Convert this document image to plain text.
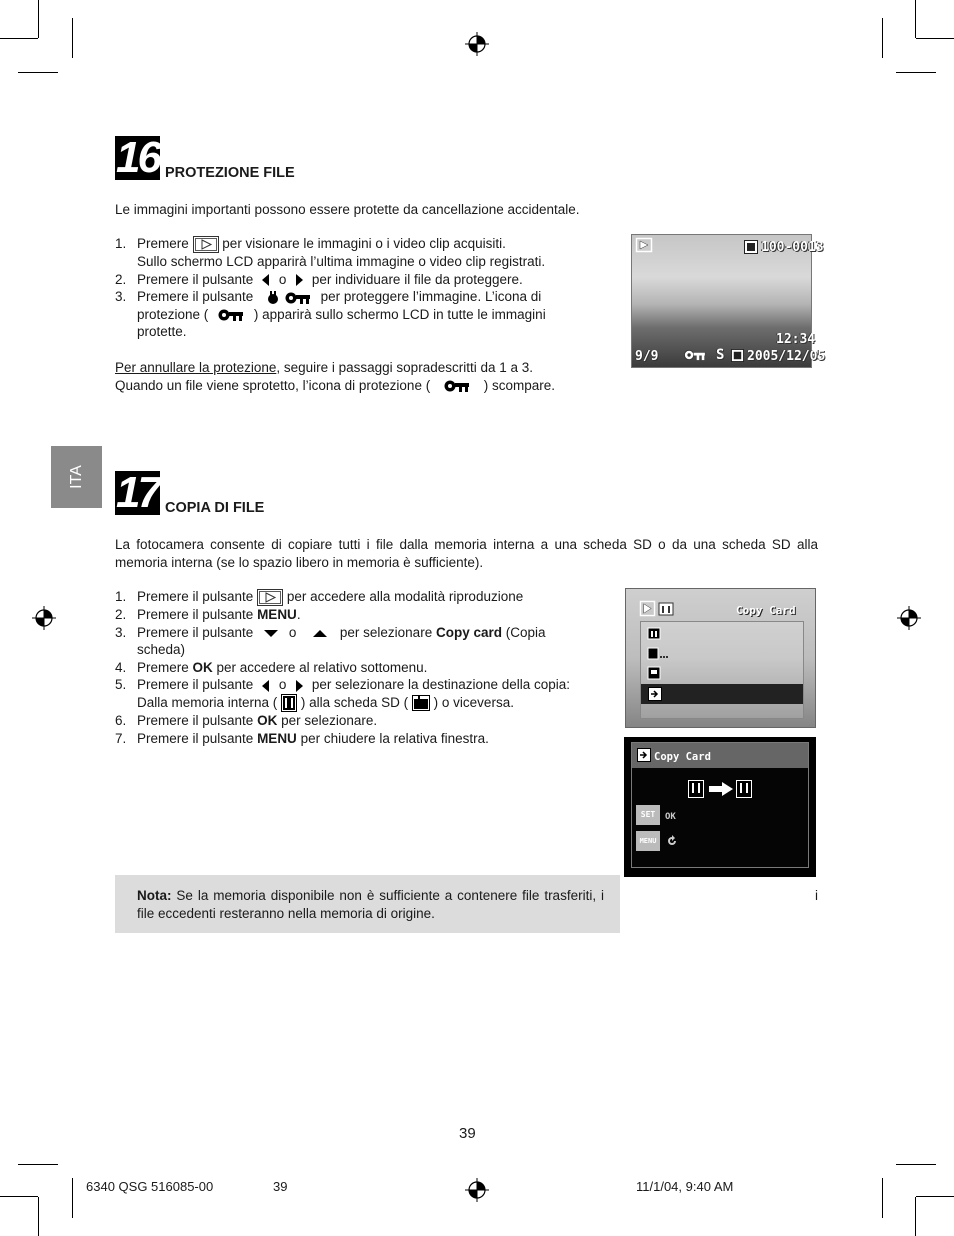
16 PROTEZIONE FILE
Le immagini importanti possono essere protette da cancellazione accidentale.
1. Premere per visionare le immagini o i video clip acquisiti.
Sullo schermo LCD apparirà l’ultima immagine o video clip registrati.
2. Premere il pulsante o per individuare il file da proteggere.
3. Premere il pulsante	per proteggere l’immagine. L’icona di
protezione (	) apparirà sullo schermo LCD in tutte le immagini
protette.
Per annullare la protezione, seguire i passaggi sopradescritti da 1 a 3.
Quando un file viene sprotetto, l’icona di protezione (	) scompare.
100-0013
12:34
9/9	S 2005/12/05
ITA 17 COPIA DI FILE
La fotocamera consente di copiare tutti i file dalla memoria interna a una scheda SD o da una scheda SD alla memoria interna (se lo spazio libero in memoria è sufficiente).
1. Premere il pulsante per accedere alla modalità riproduzione
2. Premere il pulsante MENU.
3. Premere il pulsante	o	per selezionare Copy card (Copia
scheda)
4. Premere OK per accedere al relativo sottomenu.
5. Premere il pulsante o per selezionare la destinazione della copia:
Dalla memoria interna ( ) alla scheda SD ( ) o viceversa.
6. Premere il pulsante OK per selezionare.
7. Premere il pulsante MENU per chiudere la relativa finestra.
Copy Card
Copy Card
SET	OK
MENU

Nota: Se la memoria disponibile non è sufficiente a contenere file trasferiti, i file eccedenti resteranno nella memoria di origine.

i
39
6340 QSG 516085-00	39	11/1/04, 9:40 AM
